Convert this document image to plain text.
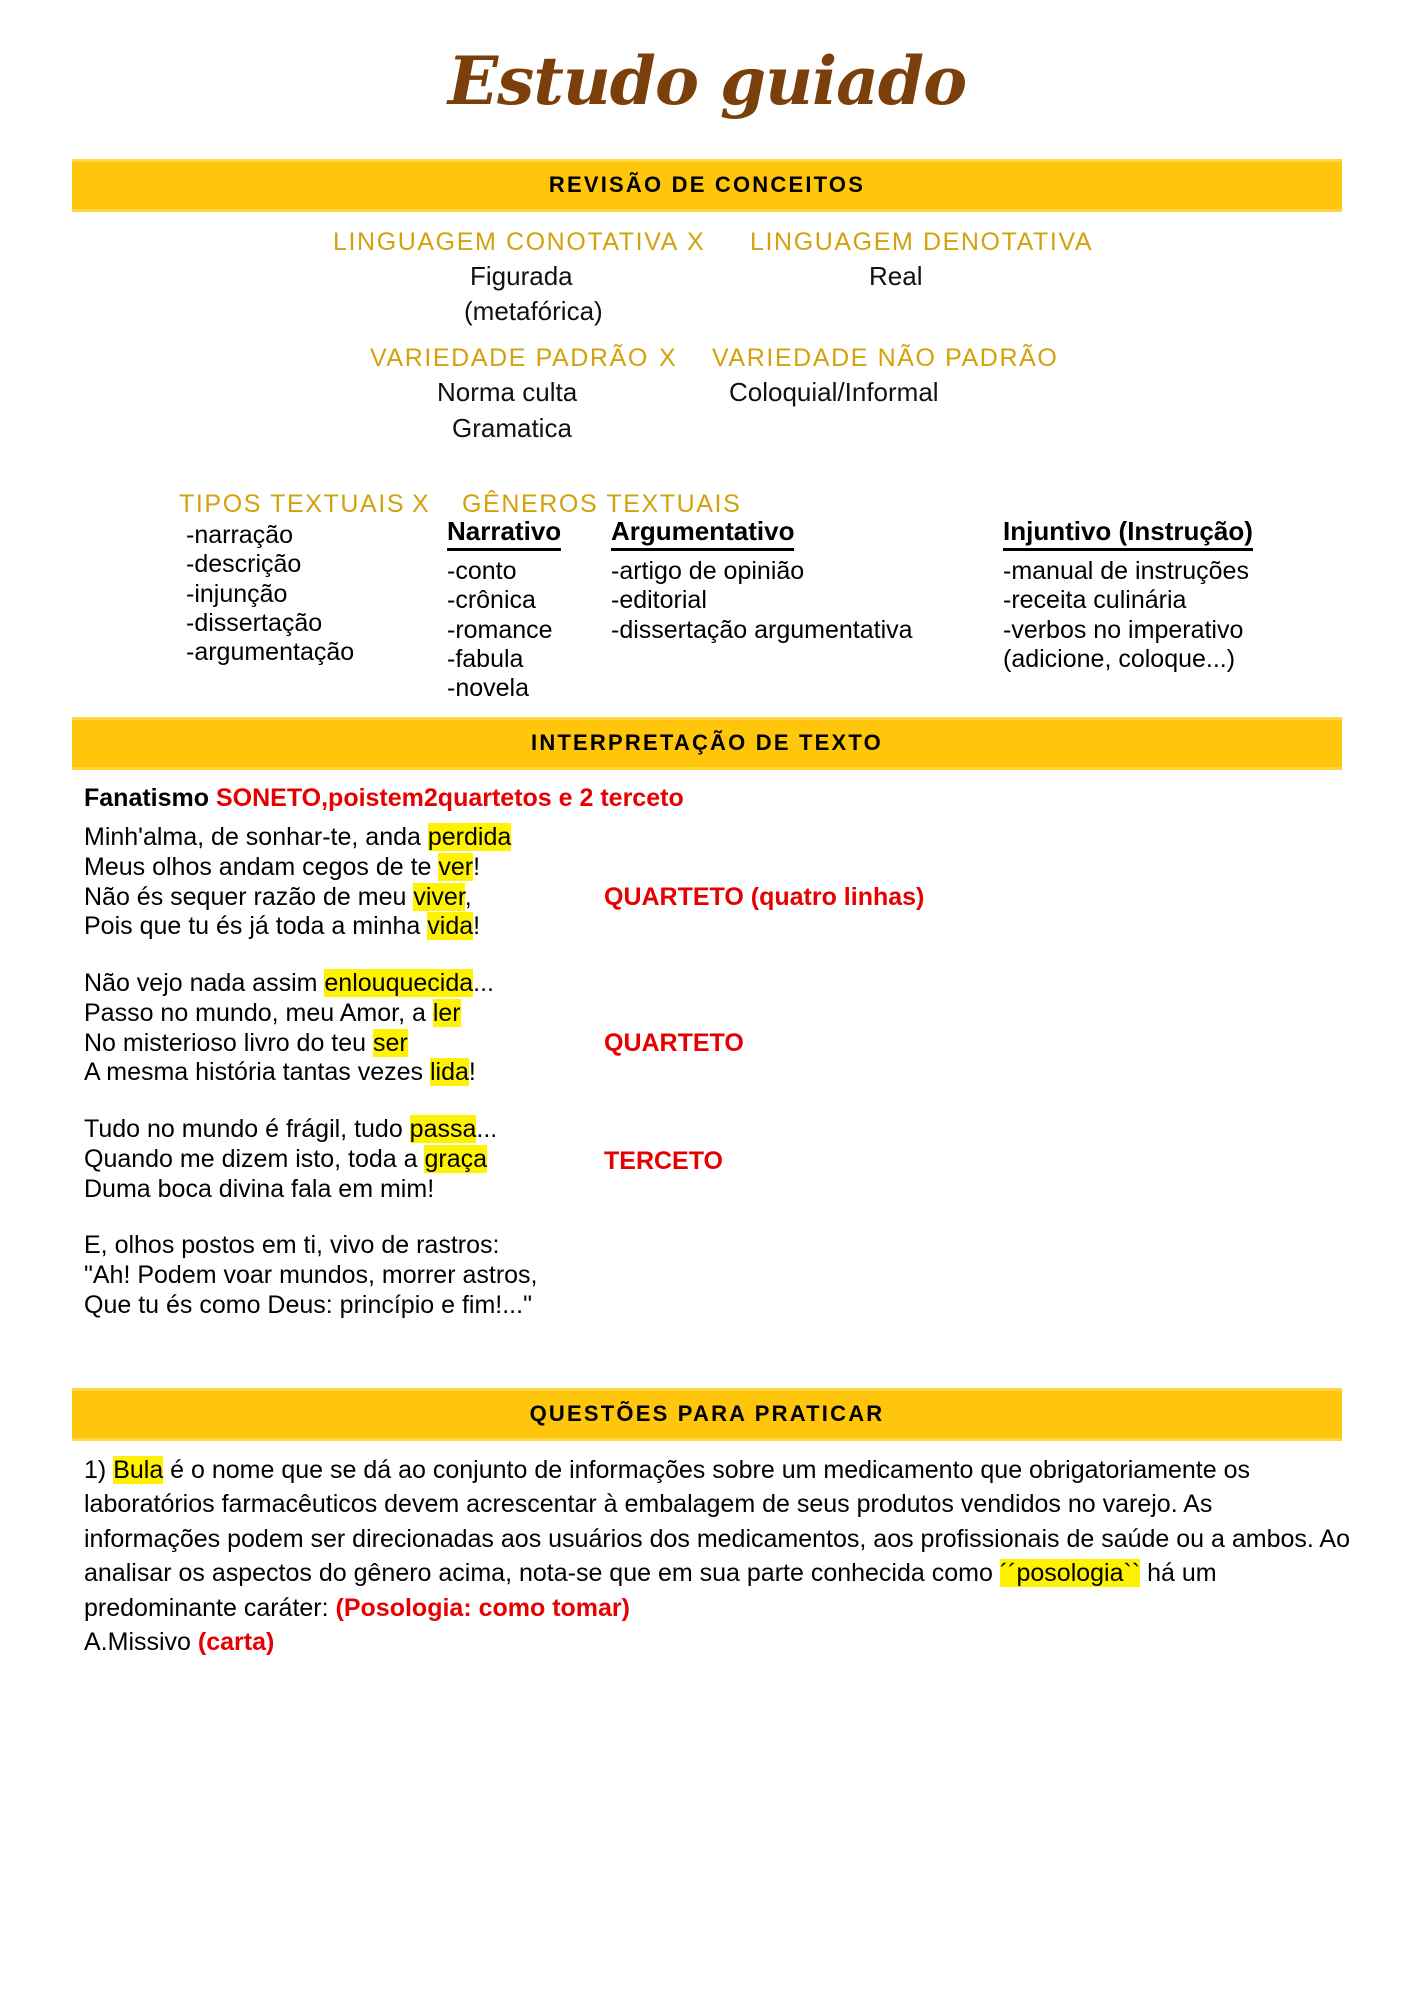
Estudo guiado
REVISÃO DE CONCEITOS
LINGUAGEM CONOTATIVA X LINGUAGEM DENOTATIVA
Figurada
(metafórica)
Real
VARIEDADE PADRÃO X VARIEDADE NÃO PADRÃO
Norma culta
Gramatica
Coloquial/Informal
TIPOS TEXTUAIS X GÊNEROS TEXTUAIS
-narração
-descrição
-injunção
-dissertação
-argumentação
Narrativo
-conto
-crônica
-romance
-fabula
-novela
Argumentativo
-artigo de opinião
-editorial
-dissertação argumentativa
Injuntivo (Instrução)
-manual de instruções
-receita culinária
-verbos no imperativo
(adicione, coloque...)
INTERPRETAÇÃO DE TEXTO
Fanatismo SONETO,poistem2quartetos e 2 terceto
Minh'alma, de sonhar-te, anda perdida
Meus olhos andam cegos de te ver!
Não és sequer razão de meu viver,
Pois que tu és já toda a minha vida!
QUARTETO (quatro linhas)
Não vejo nada assim enlouquecida...
Passo no mundo, meu Amor, a ler
No misterioso livro do teu ser
A mesma história tantas vezes lida!
QUARTETO
Tudo no mundo é frágil, tudo passa...
Quando me dizem isto, toda a graça
Duma boca divina fala em mim!
TERCETO
E, olhos postos em ti, vivo de rastros:
"Ah! Podem voar mundos, morrer astros,
Que tu és como Deus: princípio e fim!..."
QUESTÕES PARA PRATICAR

1) Bula é o nome que se dá ao conjunto de informações sobre um medicamento que obrigatoriamente os laboratórios farmacêuticos devem acrescentar à embalagem de seus produtos vendidos no varejo. As informações podem ser direcionadas aos usuários dos medicamentos, aos profissionais de saúde ou a ambos. Ao analisar os aspectos do gênero acima, nota-se que em sua parte conhecida como ´´posologia`` há um predominante caráter: (Posologia: como tomar)

A.Missivo (carta)
